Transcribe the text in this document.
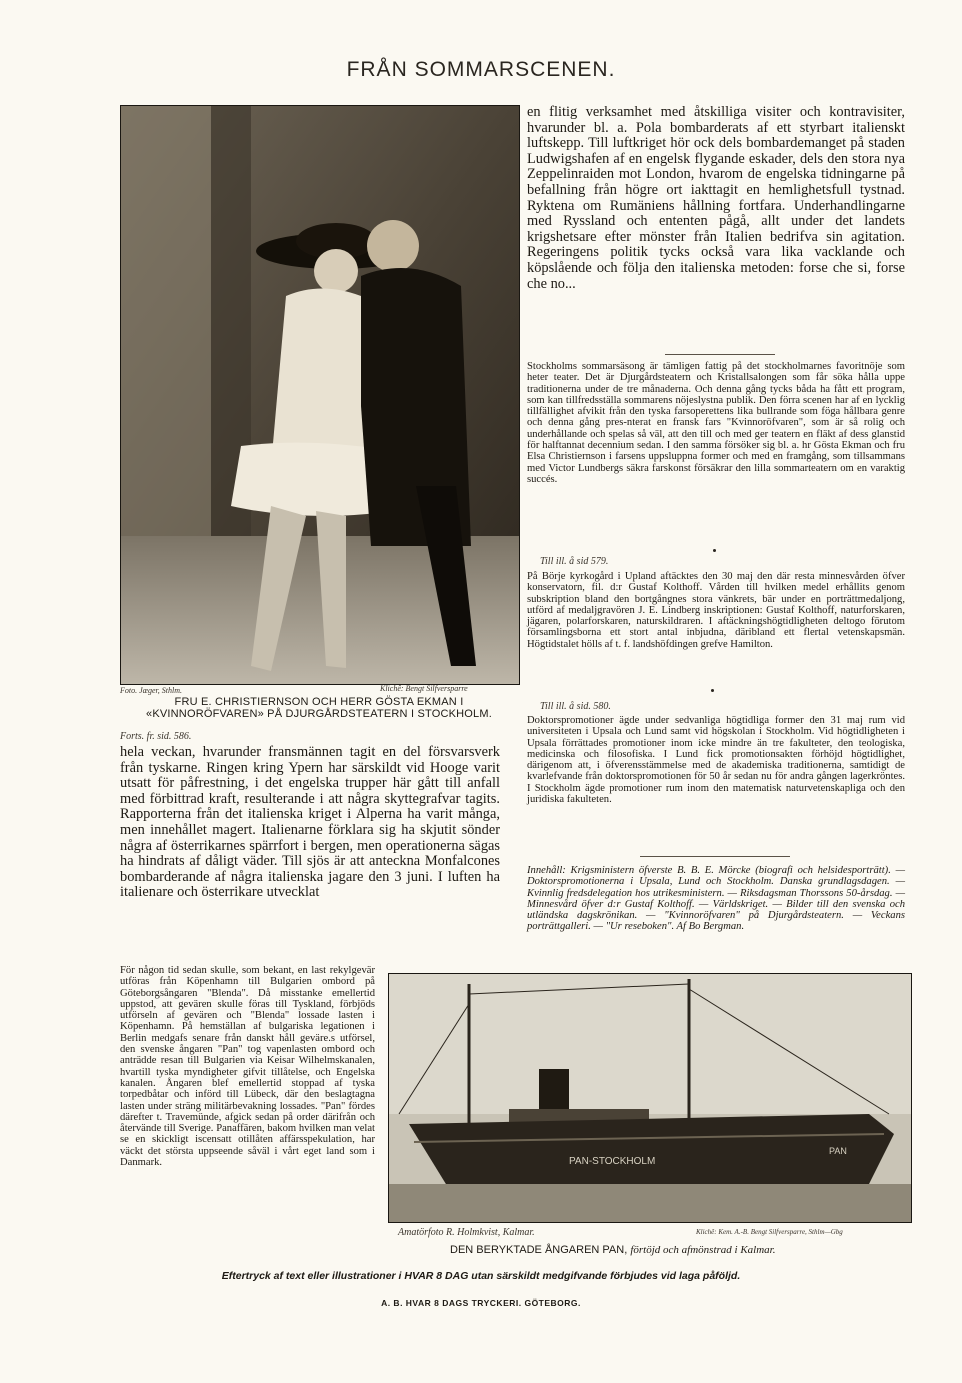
FRÅN SOMMARSCENEN.
Foto. Jæger, Sthlm.	Klichê: Bengt Silfversparre
FRU E. CHRISTIERNSON OCH HERR GÖSTA EKMAN I «KVINNORÖFVAREN» PÅ DJURGÅRDSTEATERN I STOCKHOLM.
Forts. fr. sid. 586.

hela veckan, hvarunder fransmännen tagit en del försvarsverk från tyskarne. Ringen kring Ypern har särskildt vid Hooge varit utsatt för påfrestning, i det engelska trupper här gått till anfall med förbittrad kraft, resulterande i att några skyttegrafvar tagits. Rapporterna från det italienska kriget i Alperna ha varit många, men innehållet magert. Italienarne förklara sig ha skjutit sönder några af österrikarnes spärrfort i bergen, men operationerna sägas ha hindrats af dåligt väder. Till sjös är att anteckna Monfalcones bombarderande af några italienska jagare den 3 juni. I luften ha italienare och österrikare utvecklat

en flitig verksamhet med åtskilliga visiter och kontravisiter, hvarunder bl. a. Pola bombarderats af ett styrbart italienskt luftskepp. Till luftkriget hör ock dels bombardemanget på staden Ludwigshafen af en engelsk flygande eskader, dels den stora nya Zeppelinraiden mot London, hvarom de engelska tidningarne på befallning från högre ort iakttagit en hemlighetsfull tystnad. Ryktena om Rumäniens hållning fortfara. Underhandlingarne med Ryssland och ententen pågå, allt under det landets krigshetsare efter mönster från Italien bedrifva sin agitation. Regeringens politik tycks också vara lika vacklande och köpslående och följa den italienska metoden: forse che si, forse che no...

Stockholms sommarsäsong är tämligen fattig på det stockholmarnes favoritnöje som heter teater. Det är Djurgårdsteatern och Kristallsalongen som får söka hålla uppe traditionerna under de tre månaderna. Och denna gång tycks båda ha fått ett program, som kan tillfredsställa sommarens nöjeslystna publik. Den förra scenen har af en lycklig tillfällighet afvikit från den tyska farsoperettens lika bullrande som föga hållbara genre och denna gång pres-nterat en fransk fars "Kvinnoröfvaren", som är så rolig och underhållande och spelas så väl, att den till och med ger teatern en fläkt af dess glanstid för halftannat decennium sedan. I den samma försöker sig bl. a. hr Gösta Ekman och fru Elsa Christiernson i farsens uppsluppna former och med en framgång, som tillsammans med Victor Lundbergs säkra farskonst försäkrar den lilla sommarteatern om en varaktig succés.

Till ill. å sid 579.

På Börje kyrkogård i Upland aftäcktes den 30 maj den där resta minnesvården öfver konservatorn, fil. d:r Gustaf Kolthoff. Vården till hvilken medel erhållits genom subskription bland den bortgångnes stora vänkrets, bär under en porträttmedaljong, utförd af medaljgravören J. E. Lindberg inskriptionen: Gustaf Kolthoff, naturforskaren, jägaren, polarforskaren, naturskildraren. I aftäckningshögtidligheten deltogo förutom församlingsborna ett stort antal inbjudna, däribland ett flertal vetenskapsmän. Högtidstalet hölls af t. f. landshöfdingen grefve Hamilton.

Till ill. å sid. 580.

Doktorspromotioner ägde under sedvanliga högtidliga former den 31 maj rum vid universiteten i Upsala och Lund samt vid högskolan i Stockholm. Vid högtidligheten i Upsala förrättades promotioner inom icke mindre än tre fakulteter, den teologiska, medicinska och filosofiska. I Lund fick promotionsakten förhöjd högtidlighet, därigenom att, i öfverensstämmelse med de akademiska traditionerna, samtidigt de kvarlefvande från doktorspromotionen för 50 år sedan nu för andra gången lagerkröntes. I Stockholm ägde promotioner rum inom den matematisk naturvetenskapliga och den juridiska fakulteten.

Innehåll: Krigsministern öfverste B. B. E. Mörcke (biografi och helsidesporträtt). — Doktorspromotionerna i Upsala, Lund och Stockholm. Danska grundlagsdagen. — Kvinnlig fredsdelegation hos utrikesministern. — Riksdagsman Thorssons 50-årsdag. — Minnesvård öfver d:r Gustaf Kolthoff. — Världskriget. — Bilder till den svenska och utländska dagskrönikan. — "Kvinnoröfvaren" på Djurgårdsteatern. — Veckans porträttgalleri. — "Ur reseboken". Af Bo Bergman.

För någon tid sedan skulle, som bekant, en last rekylgevär utföras från Köpenhamn till Bulgarien ombord på Göteborgsångaren "Blenda". Då misstanke emellertid uppstod, att gevären skulle föras till Tyskland, förbjöds utförseln af gevären och "Blenda" lossade lasten i Köpenhamn. På hemställan af bulgariska legationen i Berlin medgafs senare från danskt håll geväre.s utförsel, den svenske ångaren "Pan" tog vapenlasten ombord och anträdde resan till Bulgarien via Keisar Wilhelmskanalen, hvartill tyska myndigheter gifvit tillåtelse, och Engelska kanalen. Ångaren blef emellertid stoppad af tyska torpedbåtar och införd till Lübeck, där den beslagtagna lasten under sträng militärbevakning lossades. "Pan" fördes därefter t. Travemünde, afgick sedan på order därifrån och återvände till Sverige. Panaffären, bakom hvilken man velat se en skickligt iscensatt otillåten affärsspekulation, har väckt det största uppseende såväl i vårt eget land som i Danmark.	PAN-STOCKHOLM
PAN
Amatörfoto R. Holmkvist, Kalmar.	Klichê: Kem. A.-B. Bengt Silfversparre, Sthlm—Gbg
DEN BERYKTADE ÅNGAREN PAN, förtöjd och afmönstrad i Kalmar.
Eftertryck af text eller illustrationer i HVAR 8 DAG utan särskildt medgifvande förbjudes vid laga påföljd.
A. B. HVAR 8 DAGS TRYCKERI. GÖTEBORG.
